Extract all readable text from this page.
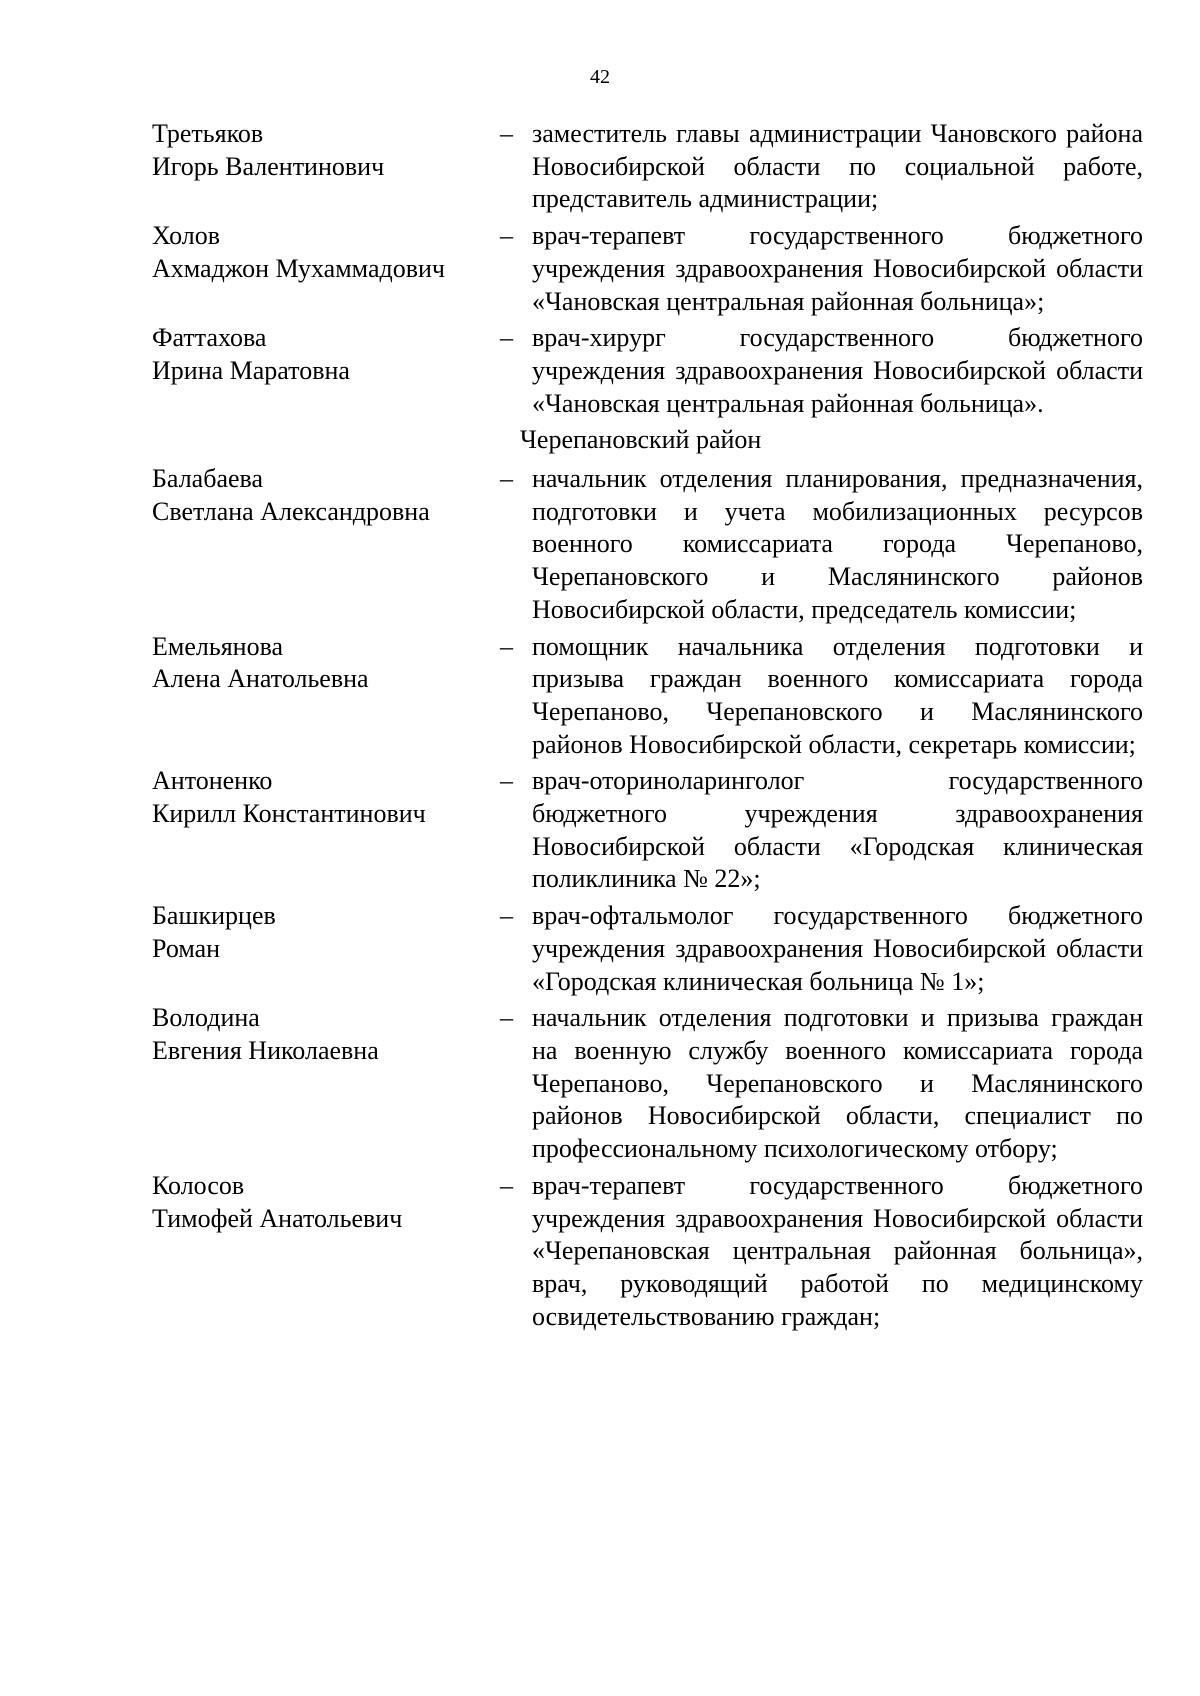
42
Третьяков
Игорь Валентинович
– заместитель главы администрации Чановского района Новосибирской области по социальной работе, представитель администрации;
Холов
Ахмаджон Мухаммадович
– врач-терапевт государственного бюджетного учреждения здравоохранения Новосибирской области «Чановская центральная районная больница»;
Фаттахова
Ирина Маратовна
– врач-хирург государственного бюджетного учреждения здравоохранения Новосибирской области «Чановская центральная районная больница».
Черепановский район
Балабаева
Светлана Александровна
– начальник отделения планирования, предназначения, подготовки и учета мобилизационных ресурсов военного комиссариата города Черепаново, Черепановского и Маслянинского районов Новосибирской области, председатель комиссии;
Емельянова
Алена Анатольевна
– помощник начальника отделения подготовки и призыва граждан военного комиссариата города Черепаново, Черепановского и Маслянинского районов Новосибирской области, секретарь комиссии;
Антоненко
Кирилл Константинович
– врач-оториноларинголог государственного бюджетного учреждения здравоохранения Новосибирской области «Городская клиническая поликлиника № 22»;
Башкирцев
Роман
– врач-офтальмолог государственного бюджетного учреждения здравоохранения Новосибирской области «Городская клиническая больница № 1»;
Володина
Евгения Николаевна
– начальник отделения подготовки и призыва граждан на военную службу военного комиссариата города Черепаново, Черепановского и Маслянинского районов Новосибирской области, специалист по профессиональному психологическому отбору;
Колосов
Тимофей Анатольевич
– врач-терапевт государственного бюджетного учреждения здравоохранения Новосибирской области «Черепановская центральная районная больница», врач, руководящий работой по медицинскому освидетельствованию граждан;
